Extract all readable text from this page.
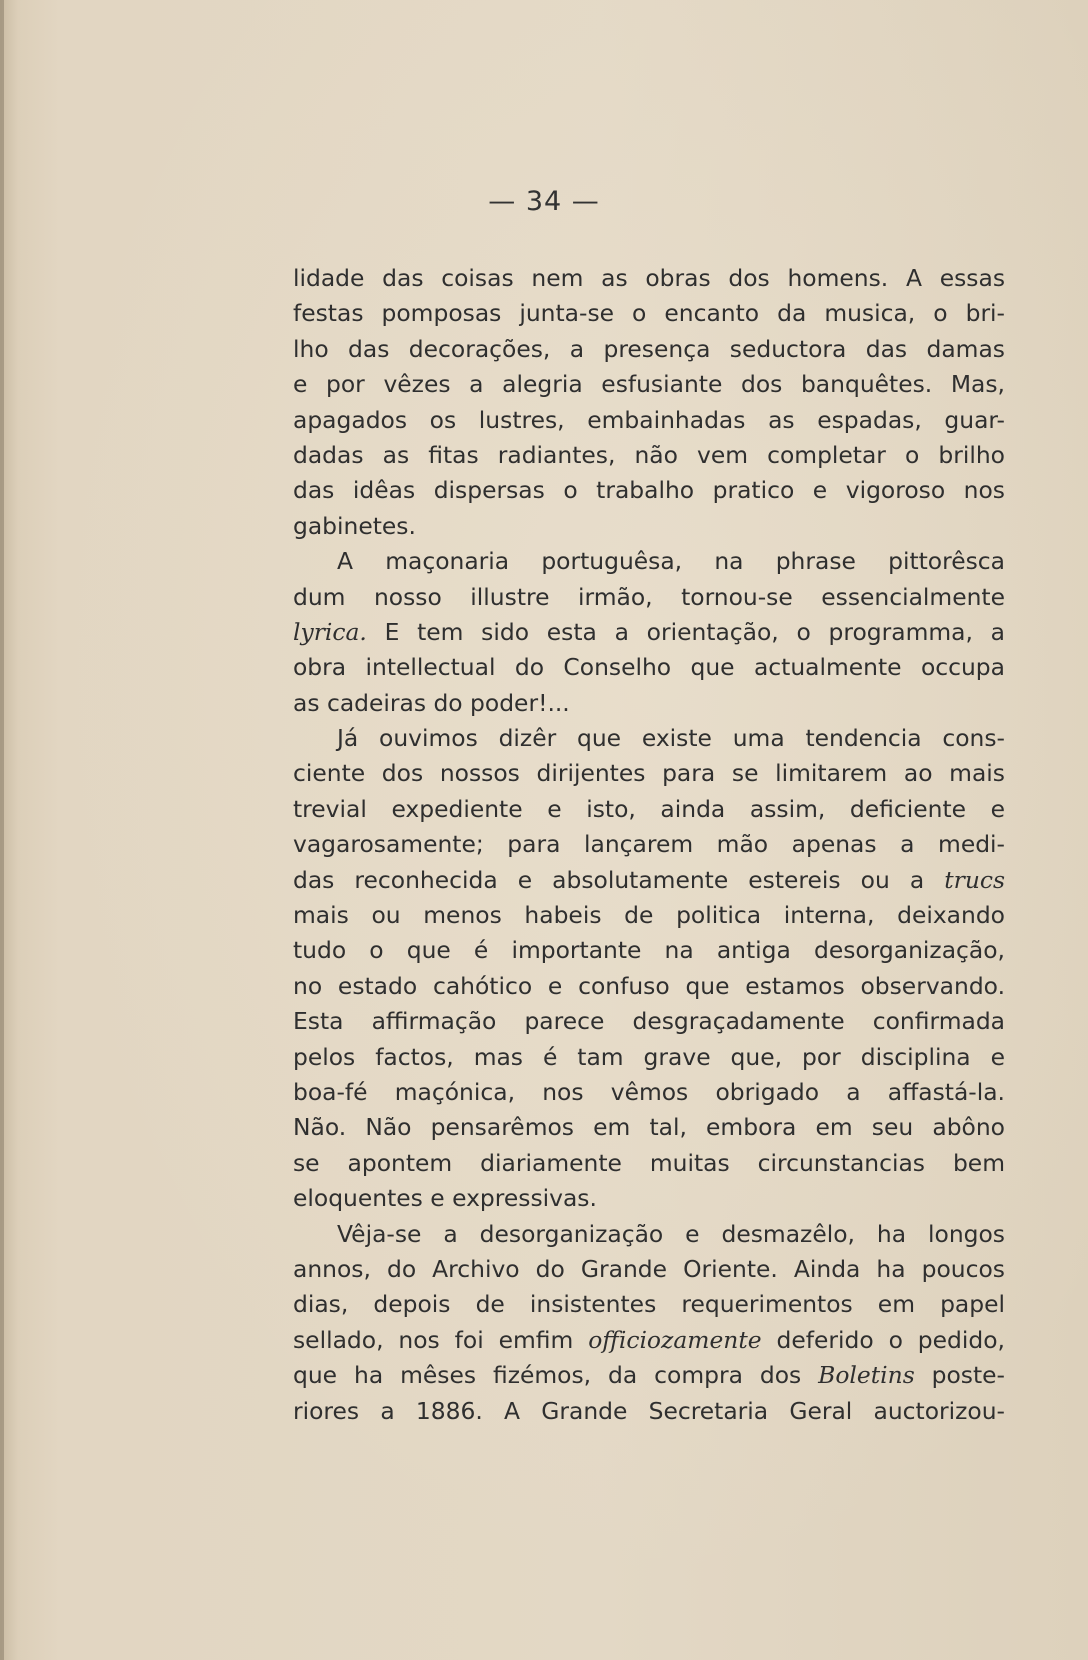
— 34 —
lidade das coisas nem as obras dos homens. A essas
festas pomposas junta-se o encanto da musica, o bri-
lho das decorações, a presença seductora das damas
e por vêzes a alegria esfusiante dos banquêtes. Mas,
apagados os lustres, embainhadas as espadas, guar-
dadas as fitas radiantes, não vem completar o brilho
das idêas dispersas o trabalho pratico e vigoroso nos
gabinetes.
A maçonaria portuguêsa, na phrase pittorêsca
dum nosso illustre irmão, tornou-se essencialmente
lyrica. E tem sido esta a orientação, o programma, a
obra intellectual do Conselho que actualmente occupa
as cadeiras do poder!...
Já ouvimos dizêr que existe uma tendencia cons-
ciente dos nossos dirijentes para se limitarem ao mais
trevial expediente e isto, ainda assim, deficiente e
vagarosamente; para lançarem mão apenas a medi-
das reconhecida e absolutamente estereis ou a trucs
mais ou menos habeis de politica interna, deixando
tudo o que é importante na antiga desorganização,
no estado cahótico e confuso que estamos observando.
Esta affirmação parece desgraçadamente confirmada
pelos factos, mas é tam grave que, por disciplina e
boa-fé maçónica, nos vêmos obrigado a affastá-la.
Não. Não pensarêmos em tal, embora em seu abôno
se apontem diariamente muitas circunstancias bem
eloquentes e expressivas.
Vêja-se a desorganização e desmazêlo, ha longos
annos, do Archivo do Grande Oriente. Ainda ha poucos
dias, depois de insistentes requerimentos em papel
sellado, nos foi emfim officiozamente deferido o pedido,
que ha mêses fizémos, da compra dos Boletins poste-
riores a 1886. A Grande Secretaria Geral auctorizou-
